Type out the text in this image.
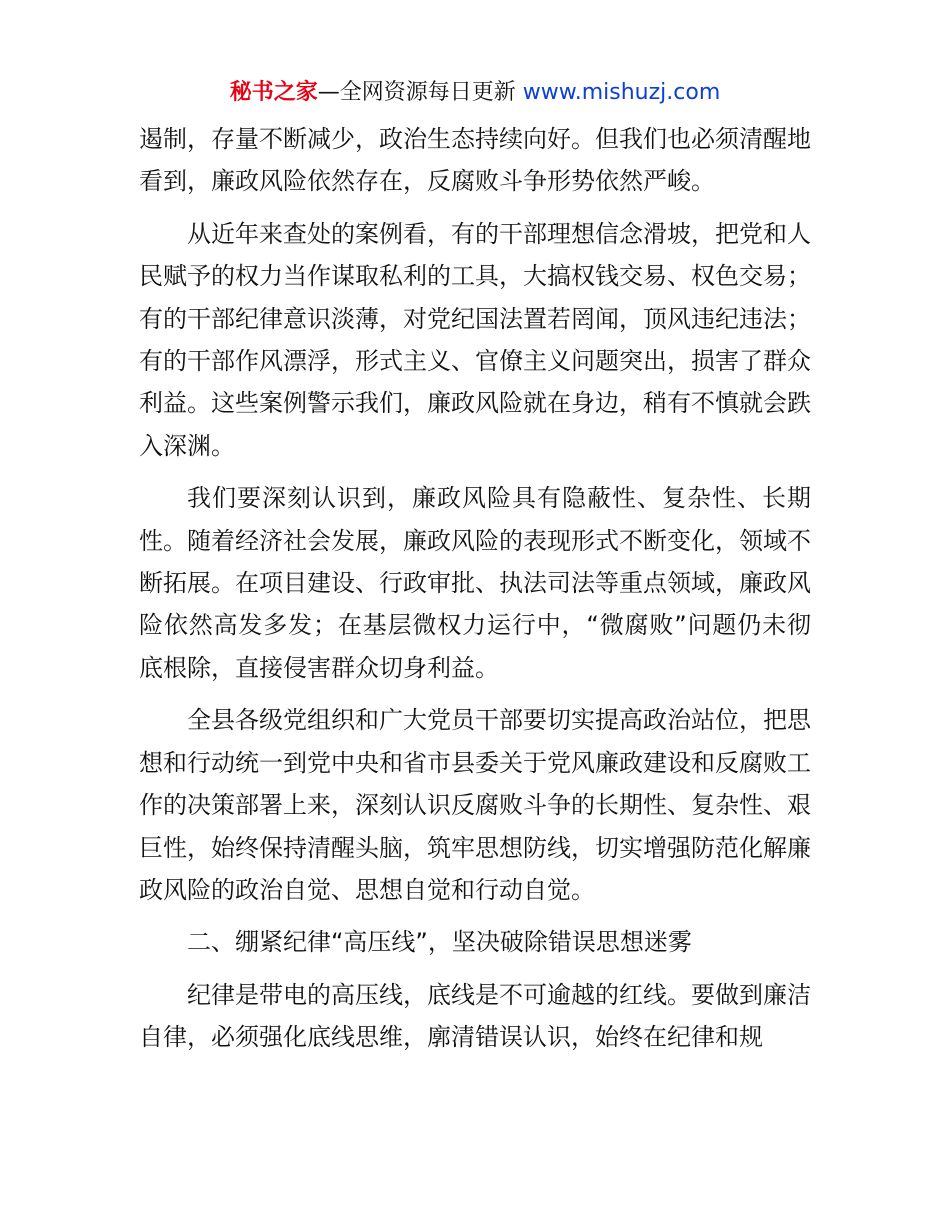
秘书之家—全网资源每日更新 www.mishuzj.com

遏制，存量不断减少，政治生态持续向好。但我们也必须清醒地看到，廉政风险依然存在，反腐败斗争形势依然严峻。

从近年来查处的案例看，有的干部理想信念滑坡，把党和人民赋予的权力当作谋取私利的工具，大搞权钱交易、权色交易；有的干部纪律意识淡薄，对党纪国法置若罔闻，顶风违纪违法；有的干部作风漂浮，形式主义、官僚主义问题突出，损害了群众利益。这些案例警示我们，廉政风险就在身边，稍有不慎就会跌入深渊。

我们要深刻认识到，廉政风险具有隐蔽性、复杂性、长期性。随着经济社会发展，廉政风险的表现形式不断变化，领域不断拓展。在项目建设、行政审批、执法司法等重点领域，廉政风险依然高发多发；在基层微权力运行中，“微腐败”问题仍未彻底根除，直接侵害群众切身利益。

全县各级党组织和广大党员干部要切实提高政治站位，把思想和行动统一到党中央和省市县委关于党风廉政建设和反腐败工作的决策部署上来，深刻认识反腐败斗争的长期性、复杂性、艰巨性，始终保持清醒头脑，筑牢思想防线，切实增强防范化解廉政风险的政治自觉、思想自觉和行动自觉。

二、绷紧纪律“高压线”，坚决破除错误思想迷雾

纪律是带电的高压线，底线是不可逾越的红线。要做到廉洁自律，必须强化底线思维，廓清错误认识，始终在纪律和规
